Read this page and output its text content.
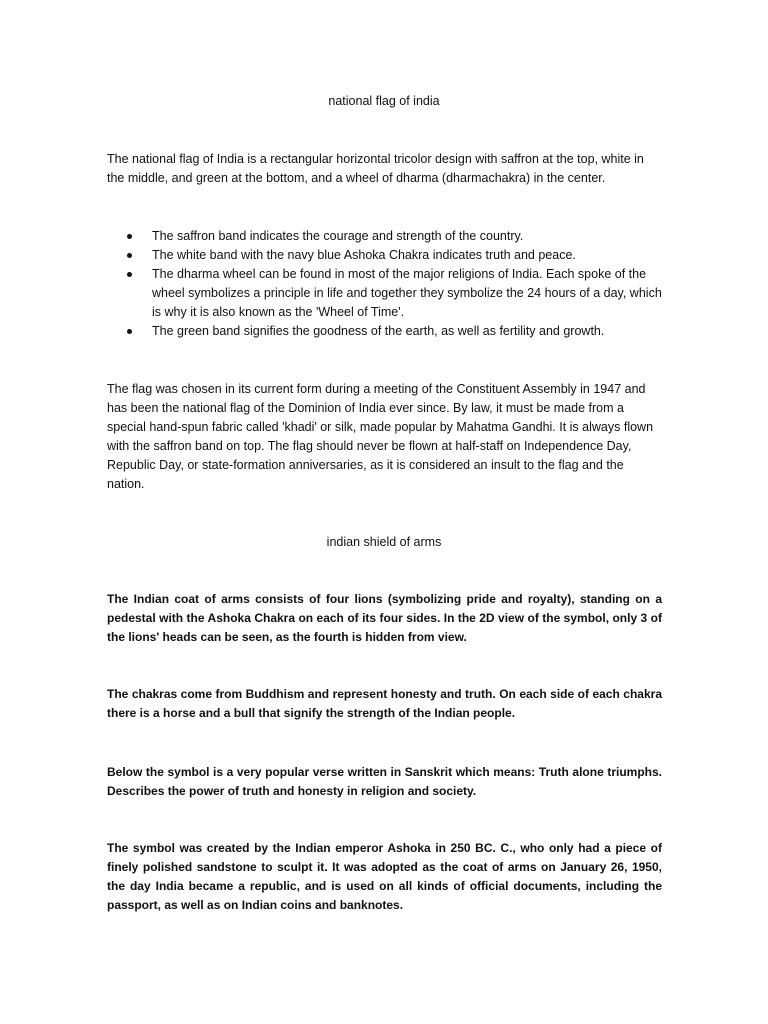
national flag of india

The national flag of India is a rectangular horizontal tricolor design with saffron at the top, white in the middle, and green at the bottom, and a wheel of dharma (dharmachakra) in the center.

The saffron band indicates the courage and strength of the country.
The white band with the navy blue Ashoka Chakra indicates truth and peace.
The dharma wheel can be found in most of the major religions of India. Each spoke of the wheel symbolizes a principle in life and together they symbolize the 24 hours of a day, which is why it is also known as the 'Wheel of Time'.
The green band signifies the goodness of the earth, as well as fertility and growth.

The flag was chosen in its current form during a meeting of the Constituent Assembly in 1947 and has been the national flag of the Dominion of India ever since. By law, it must be made from a special hand-spun fabric called 'khadi' or silk, made popular by Mahatma Gandhi. It is always flown with the saffron band on top. The flag should never be flown at half-staff on Independence Day, Republic Day, or state-formation anniversaries, as it is considered an insult to the flag and the nation.

indian shield of arms

The Indian coat of arms consists of four lions (symbolizing pride and royalty), standing on a pedestal with the Ashoka Chakra on each of its four sides. In the 2D view of the symbol, only 3 of the lions' heads can be seen, as the fourth is hidden from view.

The chakras come from Buddhism and represent honesty and truth. On each side of each chakra there is a horse and a bull that signify the strength of the Indian people.

Below the symbol is a very popular verse written in Sanskrit which means: Truth alone triumphs. Describes the power of truth and honesty in religion and society.

The symbol was created by the Indian emperor Ashoka in 250 BC. C., who only had a piece of finely polished sandstone to sculpt it. It was adopted as the coat of arms on January 26, 1950, the day India became a republic, and is used on all kinds of official documents, including the passport, as well as on Indian coins and banknotes.
